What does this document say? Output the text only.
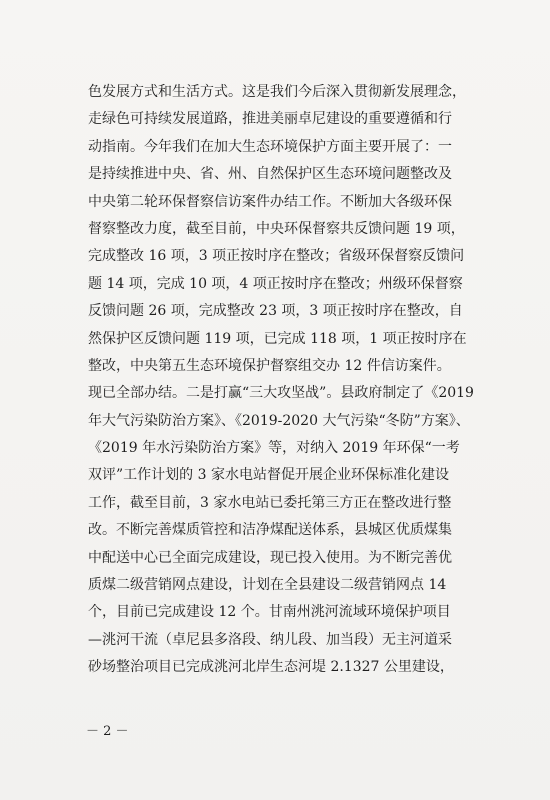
色发展方式和生活方式。这是我们今后深入贯彻新发展理念，
走绿色可持续发展道路，推进美丽卓尼建设的重要遵循和行
动指南。今年我们在加大生态环境保护方面主要开展了：一
是持续推进中央、省、州、自然保护区生态环境问题整改及
中央第二轮环保督察信访案件办结工作。不断加大各级环保
督察整改力度，截至目前，中央环保督察共反馈问题 19 项，
完成整改 16 项，3 项正按时序在整改；省级环保督察反馈问
题 14 项，完成 10 项，4 项正按时序在整改；州级环保督察
反馈问题 26 项，完成整改 23 项，3 项正按时序在整改，自
然保护区反馈问题 119 项，已完成 118 项，1 项正按时序在
整改，中央第五生态环境保护督察组交办 12 件信访案件。
现已全部办结。二是打赢“三大攻坚战”。县政府制定了《2019
年大气污染防治方案》、《2019-2020 大气污染“冬防”方案》、
《2019 年水污染防治方案》等，对纳入 2019 年环保“一考
双评”工作计划的 3 家水电站督促开展企业环保标准化建设
工作，截至目前，3 家水电站已委托第三方正在整改进行整
改。不断完善煤质管控和洁净煤配送体系，县城区优质煤集
中配送中心已全面完成建设，现已投入使用。为不断完善优
质煤二级营销网点建设，计划在全县建设二级营销网点 14
个，目前已完成建设 12 个。甘南州洮河流域环境保护项目
—洮河干流（卓尼县多洛段、纳儿段、加当段）无主河道采
砂场整治项目已完成洮河北岸生态河堤 2.1327 公里建设，
－ 2 －
